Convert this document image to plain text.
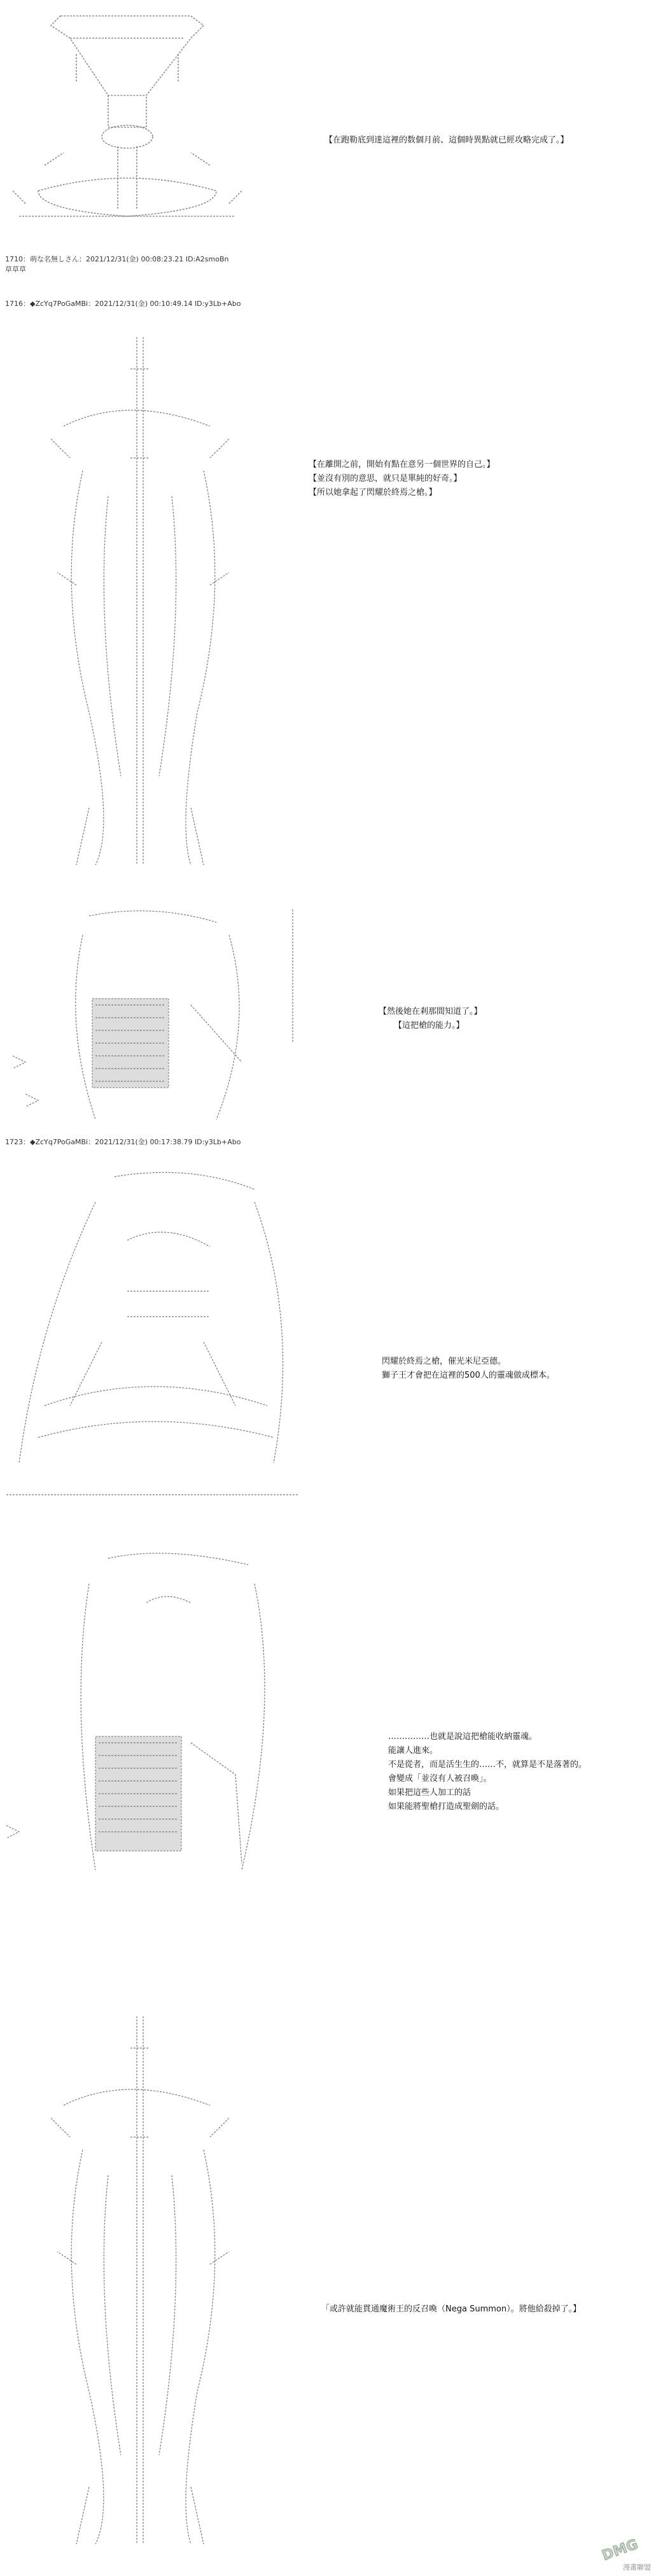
【在跑勒底到達這裡的数個月前、這個時異點就已經攻略完成了。】
1710：萌な名無しさん：2021/12/31(金) 00:08:23.21 ID:A2smoBn
草草草
1716：◆ZcYq7PoGaMBi：2021/12/31(金) 00:10:49.14 ID:y3Lb+Abo
【在離開之前，開始有點在意另一個世界的自己。】
【並沒有別的意思，就只是單純的好奇。】
【所以她拿起了閃耀於終焉之槍。】
【然後她在剎那間知道了。】
【這把槍的能力。】
1723：◆ZcYq7PoGaMBi：2021/12/31(金) 00:17:38.79 ID:y3Lb+Abo
閃耀於終焉之槍，催光米尼亞德。
獅子王才會把在這裡的500人的靈魂做成標本。
……………也就是說這把槍能收納靈魂。
能讓人進來。
不是從者，而是活生生的……不，就算是不是落著的。
會變成「並沒有人被召喚」。
如果把這些人加工的話
如果能將聖槍打造成聖劍的話。
「或許就能貫通魔術王的反召喚（Nega Summon）。將他給殺掉了。】
DMG
漫畫聯盟
